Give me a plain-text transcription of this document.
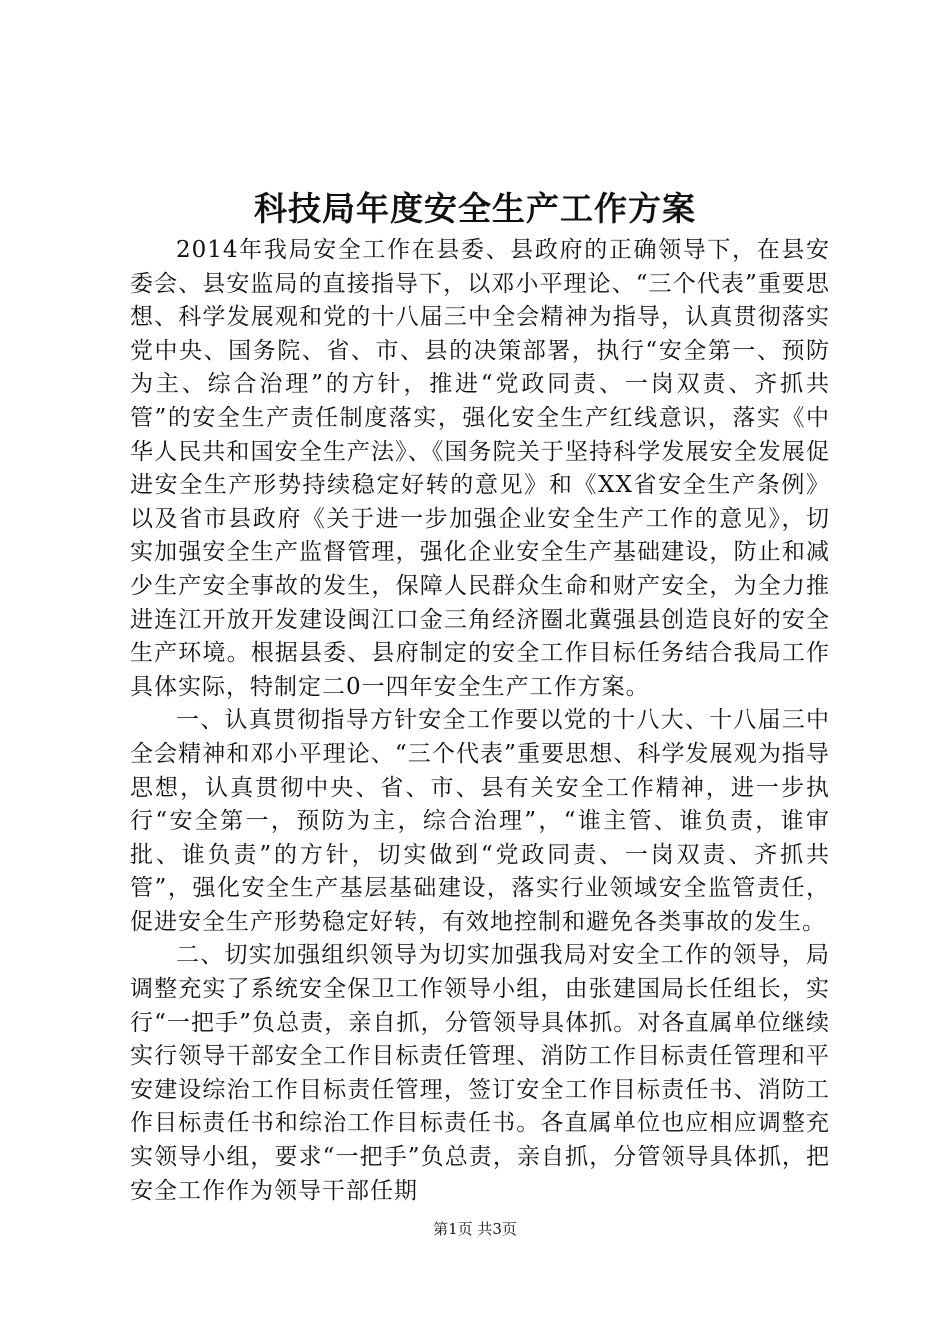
科技局年度安全生产工作方案

2014年我局安全工作在县委、县政府的正确领导下，在县安委会、县安监局的直接指导下，以邓小平理论、“三个代表”重要思想、科学发展观和党的十八届三中全会精神为指导，认真贯彻落实党中央、国务院、省、市、县的决策部署，执行“安全第一、预防为主、综合治理”的方针，推进“党政同责、一岗双责、齐抓共管”的安全生产责任制度落实，强化安全生产红线意识，落实《中华人民共和国安全生产法》、《国务院关于坚持科学发展安全发展促进安全生产形势持续稳定好转的意见》和《XX省安全生产条例》以及省市县政府《关于进一步加强企业安全生产工作的意见》，切实加强安全生产监督管理，强化企业安全生产基础建设，防止和减少生产安全事故的发生，保障人民群众生命和财产安全，为全力推进连江开放开发建设闽江口金三角经济圈北冀强县创造良好的安全生产环境。根据县委、县府制定的安全工作目标任务结合我局工作具体实际，特制定二0一四年安全生产工作方案。

一、认真贯彻指导方针安全工作要以党的十八大、十八届三中全会精神和邓小平理论、“三个代表”重要思想、科学发展观为指导思想，认真贯彻中央、省、市、县有关安全工作精神，进一步执行“安全第一，预防为主，综合治理”，“谁主管、谁负责，谁审批、谁负责”的方针，切实做到“党政同责、一岗双责、齐抓共管”，强化安全生产基层基础建设，落实行业领域安全监管责任，促进安全生产形势稳定好转，有效地控制和避免各类事故的发生。

二、切实加强组织领导为切实加强我局对安全工作的领导，局调整充实了系统安全保卫工作领导小组，由张建国局长任组长，实行“一把手”负总责，亲自抓，分管领导具体抓。对各直属单位继续实行领导干部安全工作目标责任管理、消防工作目标责任管理和平安建设综治工作目标责任管理，签订安全工作目标责任书、消防工作目标责任书和综治工作目标责任书。各直属单位也应相应调整充实领导小组，要求“一把手”负总责，亲自抓，分管领导具体抓，把安全工作作为领导干部任期

第1页 共3页
